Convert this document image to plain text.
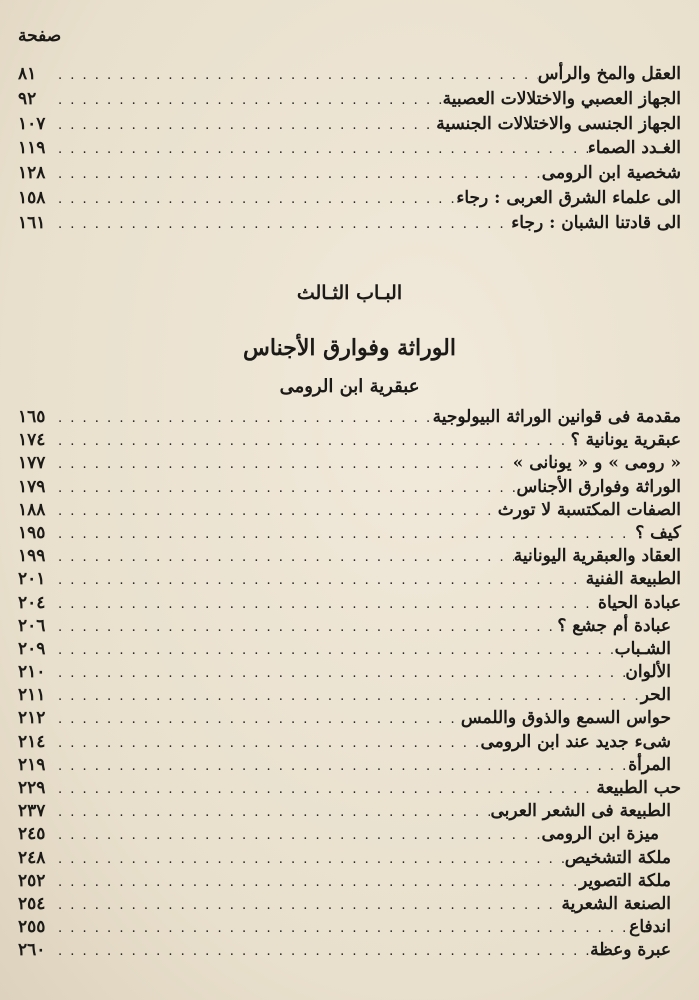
صفحة
العقل والمخ والرأس
. . .
٨١
الجهاز العصبي والاختلالات العصبية
. . .
٩٢
الجهاز الجنسى والاختلالات الجنسية
. . .
١٠٧
الغـدد الصماء
. . .
١١٩
شخصية ابن الرومى
. . .
١٢٨
الى علماء الشرق العربى : رجاء
. . .
١٥٨
الى قادتنا الشبان : رجاء
. . .
١٦١
البـاب الثـالث
الوراثة وفوارق الأجناس
عبقرية ابن الرومى
مقدمة فى قوانين الوراثة البيولوجية
. . .
١٦٥
عبقرية يونانية ؟
. . .
١٧٤
« رومى » و « يونانى »
. . .
١٧٧
الوراثة وفوارق الأجناس
. . .
١٧٩
الصفات المكتسبة لا تورث
. . .
١٨٨
كيف ؟
. . .
١٩٥
العقاد والعبقرية اليونانية
. . .
١٩٩
الطبيعة الفنية
. . .
٢٠١
عبادة الحياة
. . .
٢٠٤
عبادة أم جشع ؟
. . .
٢٠٦
الشـباب
. . .
٢٠٩
الألوان
. . .
٢١٠
الحر
. . .
٢١١
حواس السمع والذوق واللمس
. . .
٢١٢
شىء جديد عند ابن الرومى
. . .
٢١٤
المرأة
. . .
٢١٩
حب الطبيعة
. . .
٢٢٩
الطبيعة فى الشعر العربى
. . .
٢٣٧
ميزة ابن الرومى
. . .
٢٤٥
ملكة التشخيص
. . .
٢٤٨
ملكة التصوير
. . .
٢٥٢
الصنعة الشعرية
. . .
٢٥٤
اندفاع
. . .
٢٥٥
عبرة وعظة
. . .
٢٦٠
